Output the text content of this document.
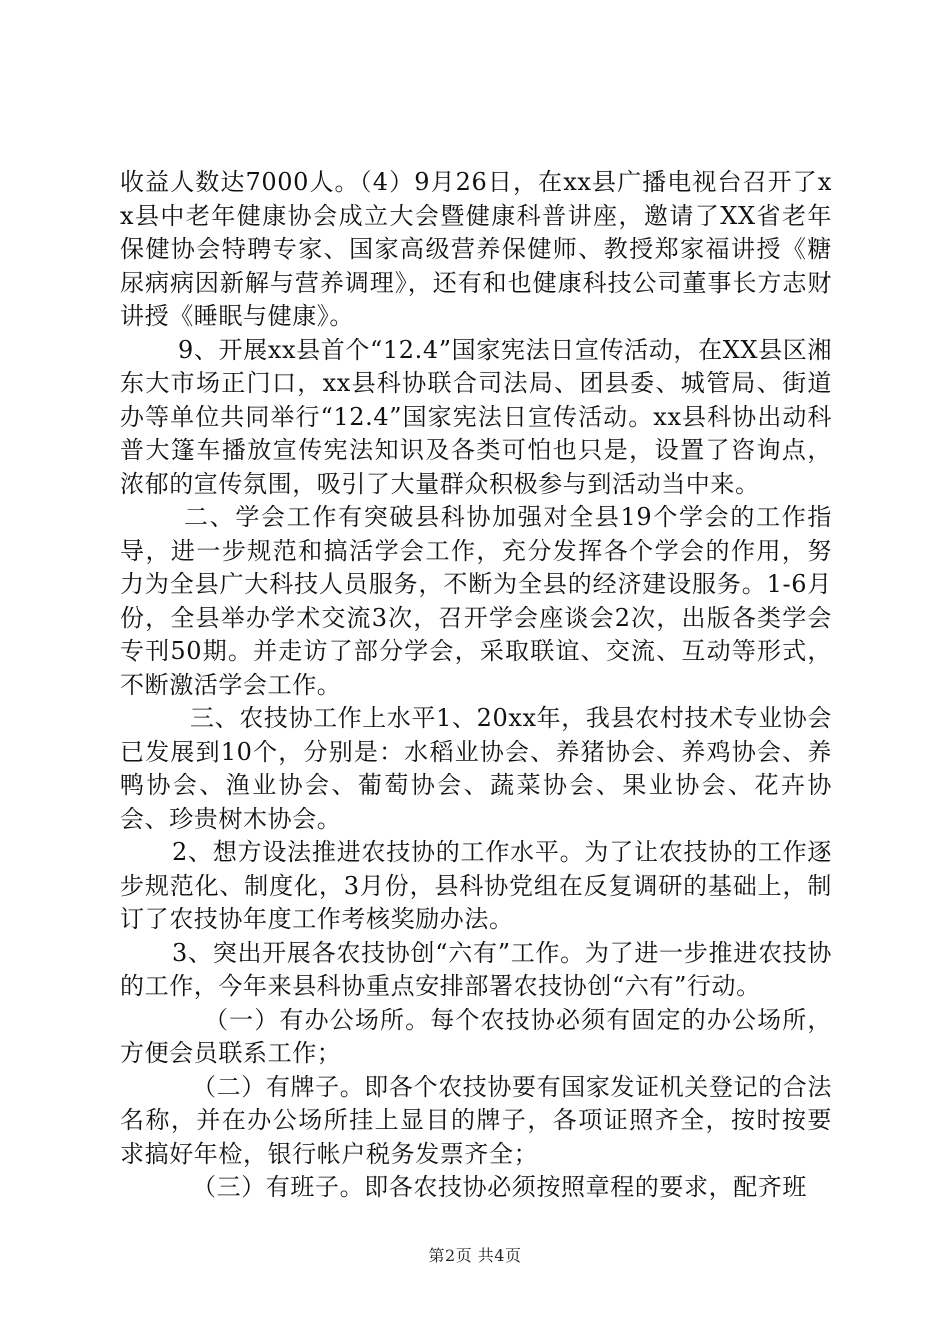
收益人数达7000人。（4）9月26日，在xx县广播电视台召开了xx县中老年健康协会成立大会暨健康科普讲座，邀请了XX省老年保健协会特聘专家、国家高级营养保健师、教授郑家福讲授《糖尿病病因新解与营养调理》，还有和也健康科技公司董事长方志财讲授《睡眠与健康》。

9、开展xx县首个“12.4”国家宪法日宣传活动，在XX县区湘东大市场正门口，xx县科协联合司法局、团县委、城管局、街道办等单位共同举行“12.4”国家宪法日宣传活动。xx县科协出动科普大篷车播放宣传宪法知识及各类可怕也只是，设置了咨询点，浓郁的宣传氛围，吸引了大量群众积极参与到活动当中来。

二、学会工作有突破县科协加强对全县19个学会的工作指导，进一步规范和搞活学会工作，充分发挥各个学会的作用，努力为全县广大科技人员服务，不断为全县的经济建设服务。1-6月份，全县举办学术交流3次，召开学会座谈会2次，出版各类学会专刊50期。并走访了部分学会，采取联谊、交流、互动等形式，不断激活学会工作。

三、农技协工作上水平1、20xx年，我县农村技术专业协会已发展到10个，分别是：水稻业协会、养猪协会、养鸡协会、养鸭协会、渔业协会、葡萄协会、蔬菜协会、果业协会、花卉协会、珍贵树木协会。

2、想方设法推进农技协的工作水平。为了让农技协的工作逐步规范化、制度化，3月份，县科协党组在反复调研的基础上，制订了农技协年度工作考核奖励办法。

3、突出开展各农技协创“六有”工作。为了进一步推进农技协的工作，今年来县科协重点安排部署农技协创“六有”行动。

（一）有办公场所。每个农技协必须有固定的办公场所，方便会员联系工作；

（二）有牌子。即各个农技协要有国家发证机关登记的合法名称，并在办公场所挂上显目的牌子，各项证照齐全，按时按要求搞好年检，银行帐户税务发票齐全；

（三）有班子。即各农技协必须按照章程的要求，配齐班

第2页 共4页
